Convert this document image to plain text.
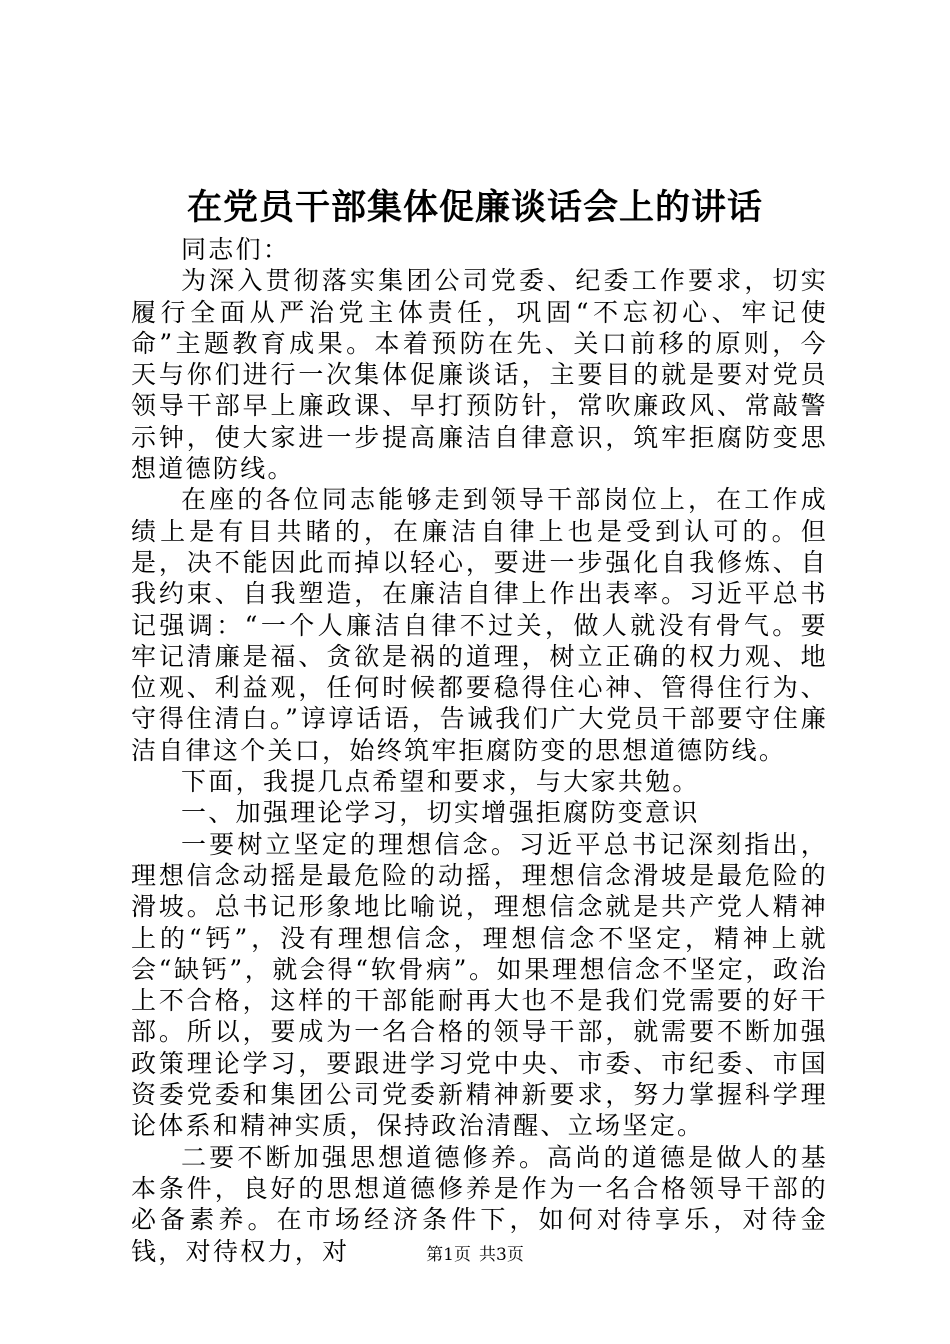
在党员干部集体促廉谈话会上的讲话

同志们：

为深入贯彻落实集团公司党委、纪委工作要求，切实履行全面从严治党主体责任，巩固“不忘初心、牢记使命”主题教育成果。本着预防在先、关口前移的原则，今天与你们进行一次集体促廉谈话，主要目的就是要对党员领导干部早上廉政课、早打预防针，常吹廉政风、常敲警示钟，使大家进一步提高廉洁自律意识，筑牢拒腐防变思想道德防线。

在座的各位同志能够走到领导干部岗位上，在工作成绩上是有目共睹的，在廉洁自律上也是受到认可的。但是，决不能因此而掉以轻心，要进一步强化自我修炼、自我约束、自我塑造，在廉洁自律上作出表率。习近平总书记强调：“一个人廉洁自律不过关，做人就没有骨气。要牢记清廉是福、贪欲是祸的道理，树立正确的权力观、地位观、利益观，任何时候都要稳得住心神、管得住行为、守得住清白。”谆谆话语，告诫我们广大党员干部要守住廉洁自律这个关口，始终筑牢拒腐防变的思想道德防线。

下面，我提几点希望和要求，与大家共勉。

一、加强理论学习，切实增强拒腐防变意识

一要树立坚定的理想信念。习近平总书记深刻指出，理想信念动摇是最危险的动摇，理想信念滑坡是最危险的滑坡。总书记形象地比喻说，理想信念就是共产党人精神上的“钙”，没有理想信念，理想信念不坚定，精神上就会“缺钙”，就会得“软骨病”。如果理想信念不坚定，政治上不合格，这样的干部能耐再大也不是我们党需要的好干部。所以，要成为一名合格的领导干部，就需要不断加强政策理论学习，要跟进学习党中央、市委、市纪委、市国资委党委和集团公司党委新精神新要求，努力掌握科学理论体系和精神实质，保持政治清醒、立场坚定。

二要不断加强思想道德修养。高尚的道德是做人的基本条件，良好的思想道德修养是作为一名合格领导干部的必备素养。在市场经济条件下，如何对待享乐，对待金钱，对待权力，对	第1页 共3页
